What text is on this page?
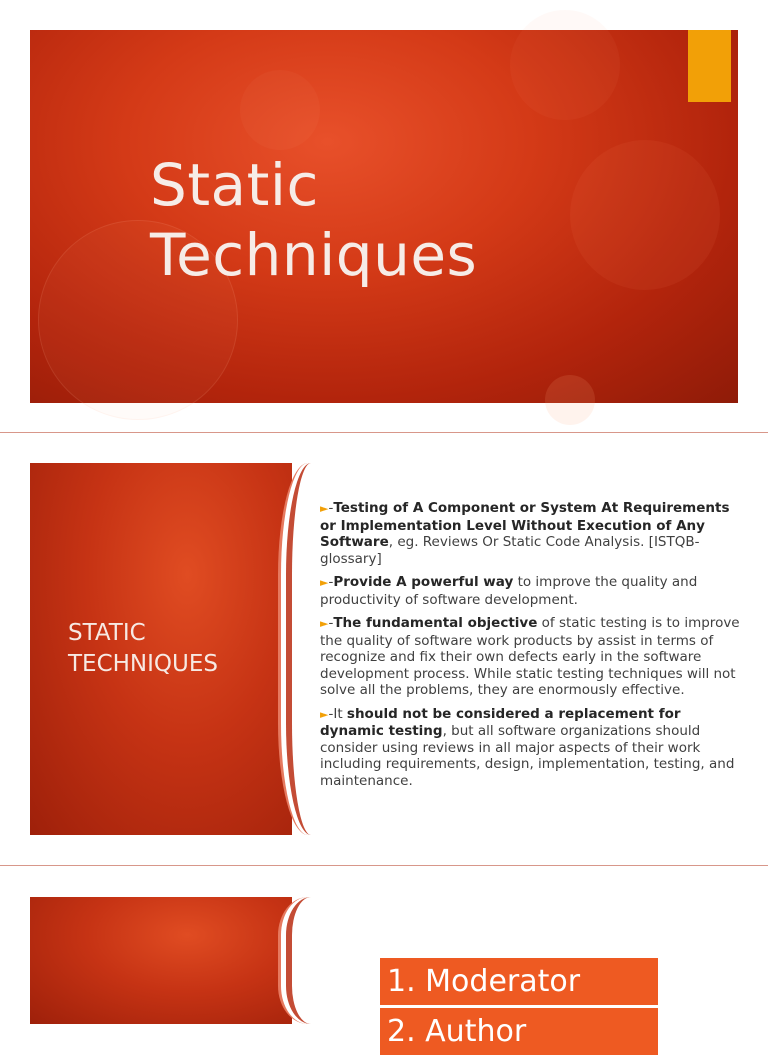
Static
Techniques
STATIC
TECHNIQUES
►-Testing of A Component or System At Requirements or Implementation Level Without Execution of Any Software, eg. Reviews Or Static Code Analysis. [ISTQB-glossary]
►-Provide A powerful way to improve the quality and productivity of software development.
►-The fundamental objective of static testing is to improve the quality of software work products by assist in terms of recognize and fix their own defects early in the software development process. While static testing techniques will not solve all the problems, they are enormously effective.
►-It should not be considered a replacement for dynamic testing, but all software organizations should consider using reviews in all major aspects of their work including requirements, design, implementation, testing, and maintenance.
1. Moderator
2. Author
